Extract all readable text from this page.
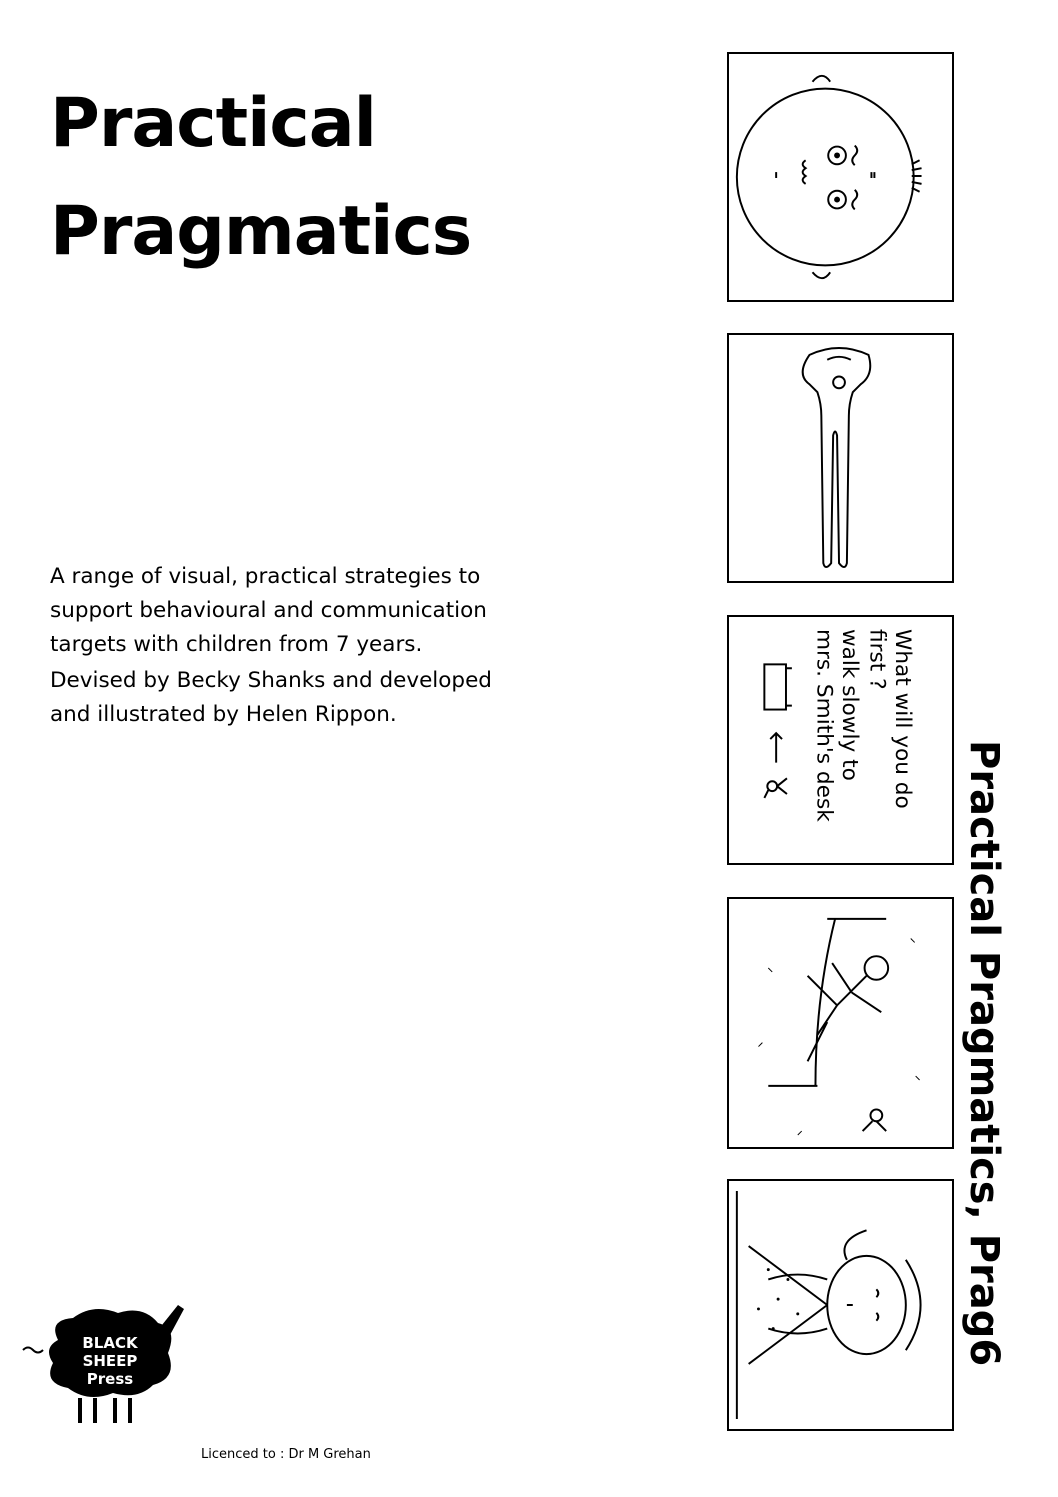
Practical
Pragmatics

A range of visual, practical strategies to support behavioural and communication targets with children from 7 years.

Devised by Becky Shanks and developed and illustrated by Helen Rippon.	What will you do
first ?
walk slowly to
mrs. Smith's desk
Practical Pragmatics, Prag6
BLACK
SHEEP
Press
Licenced to : Dr M Grehan
